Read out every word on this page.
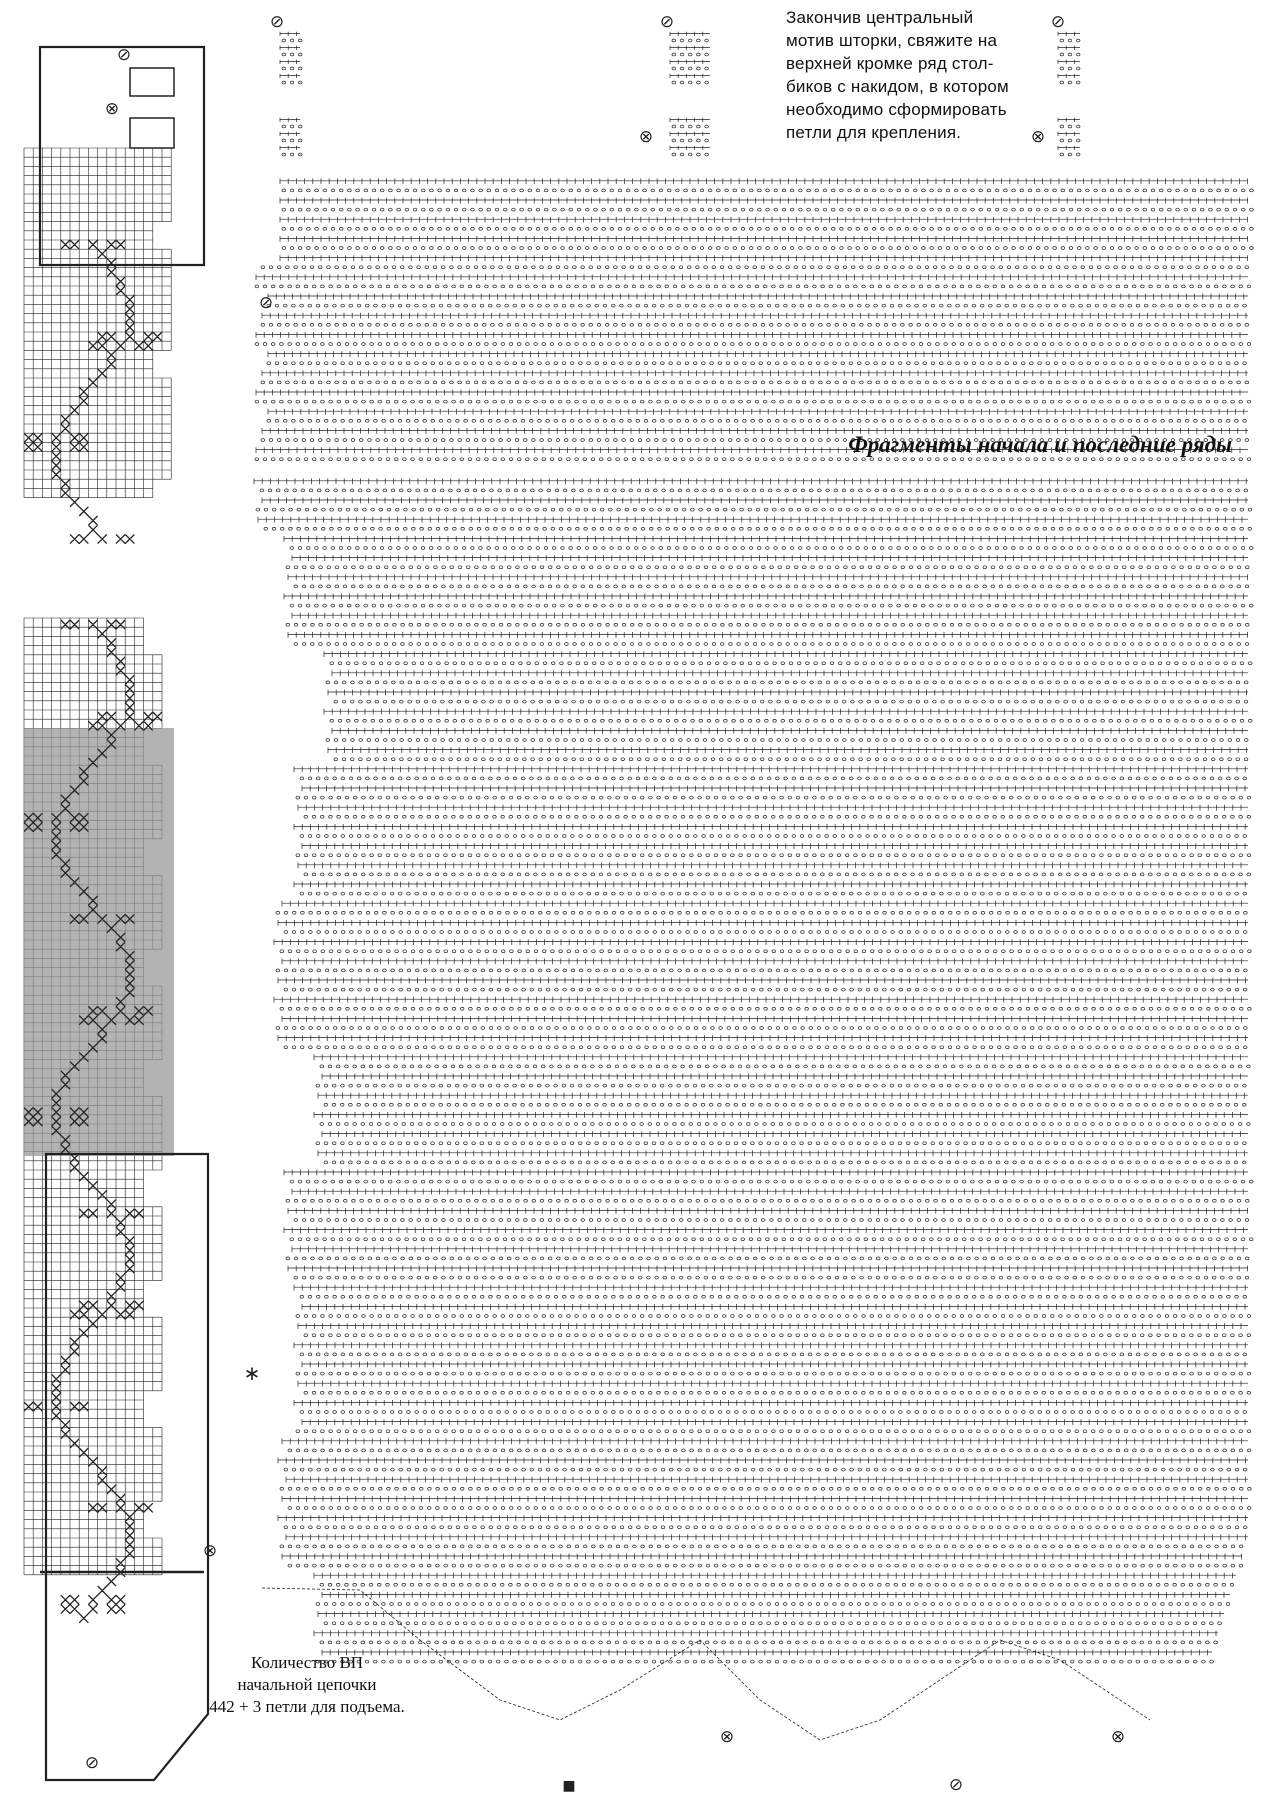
⊘
⊗
⊘	⊘	⊘
⊗	⊗
⊘
⊗
⊘
∗
⊗	⊗
⊘
■
Закончив центральный
мотив шторки, свяжите на
верхней кромке ряд стол-
биков с накидом, в котором
необходимо сформировать
петли для крепления.
Фрагменты начала и последние ряды
Количество ВП
начальной цепочки
442 + 3 петли для подъема.
